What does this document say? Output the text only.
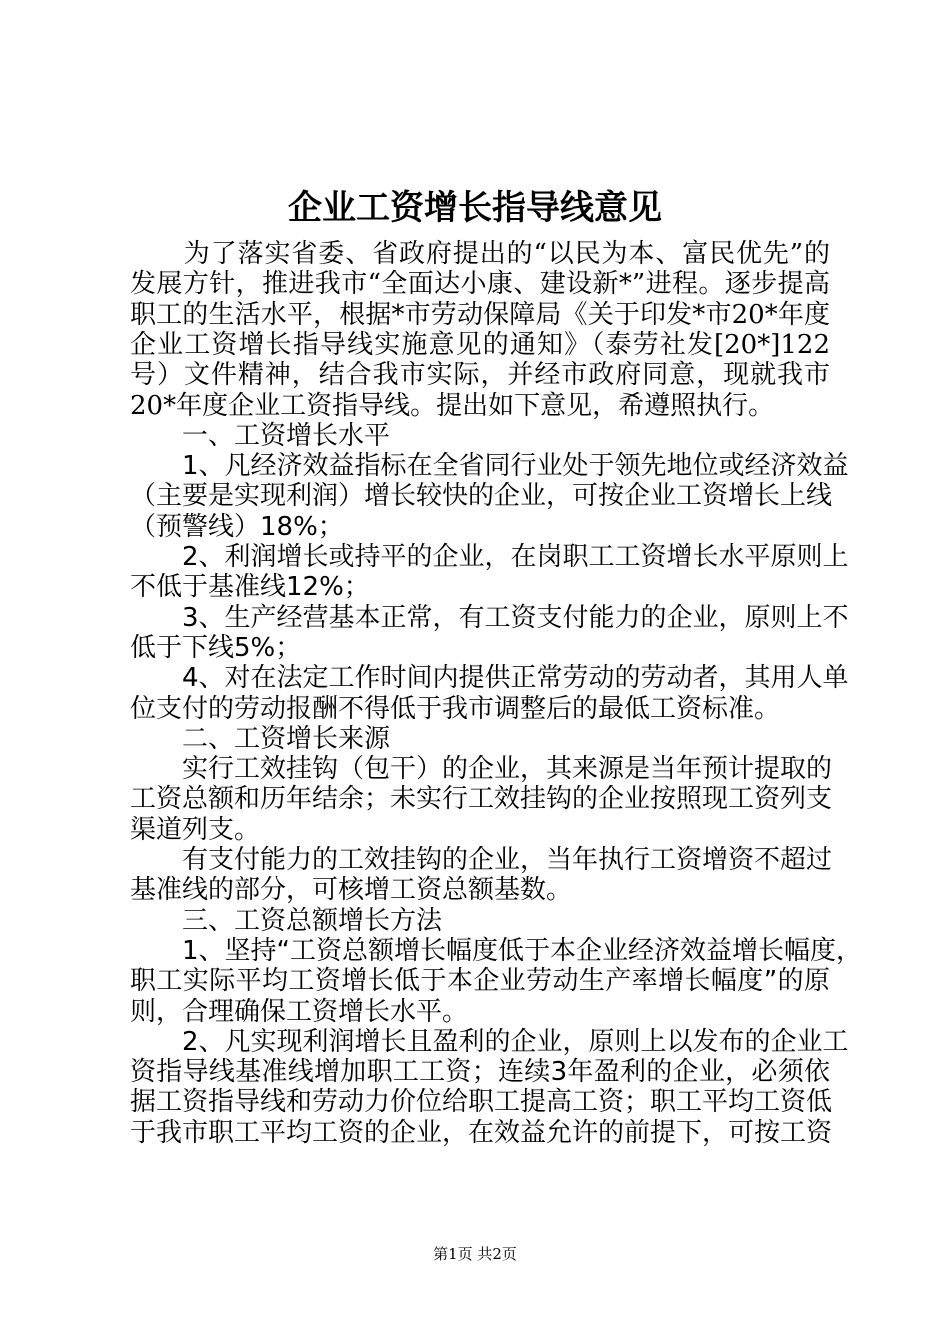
企业工资增长指导线意见
　　为了落实省委、省政府提出的“以民为本、富民优先”的
发展方针，推进我市“全面达小康、建设新*”进程。逐步提高
职工的生活水平，根据*市劳动保障局《关于印发*市20*年度
企业工资增长指导线实施意见的通知》（泰劳社发[20*]122
号）文件精神，结合我市实际，并经市政府同意，现就我市
20*年度企业工资指导线。提出如下意见，希遵照执行。
　　一、工资增长水平
　　1、凡经济效益指标在全省同行业处于领先地位或经济效益
（主要是实现利润）增长较快的企业，可按企业工资增长上线
（预警线）18%；
　　2、利润增长或持平的企业，在岗职工工资增长水平原则上
不低于基准线12%；
　　3、生产经营基本正常，有工资支付能力的企业，原则上不
低于下线5%；
　　4、对在法定工作时间内提供正常劳动的劳动者，其用人单
位支付的劳动报酬不得低于我市调整后的最低工资标准。
　　二、工资增长来源
　　实行工效挂钩（包干）的企业，其来源是当年预计提取的
工资总额和历年结余；未实行工效挂钩的企业按照现工资列支
渠道列支。
　　有支付能力的工效挂钩的企业，当年执行工资增资不超过
基准线的部分，可核增工资总额基数。
　　三、工资总额增长方法
　　1、坚持“工资总额增长幅度低于本企业经济效益增长幅度，
职工实际平均工资增长低于本企业劳动生产率增长幅度”的原
则，合理确保工资增长水平。
　　2、凡实现利润增长且盈利的企业，原则上以发布的企业工
资指导线基准线增加职工工资；连续3年盈利的企业，必须依
据工资指导线和劳动力价位给职工提高工资；职工平均工资低
于我市职工平均工资的企业，在效益允许的前提下，可按工资
第1页 共2页
